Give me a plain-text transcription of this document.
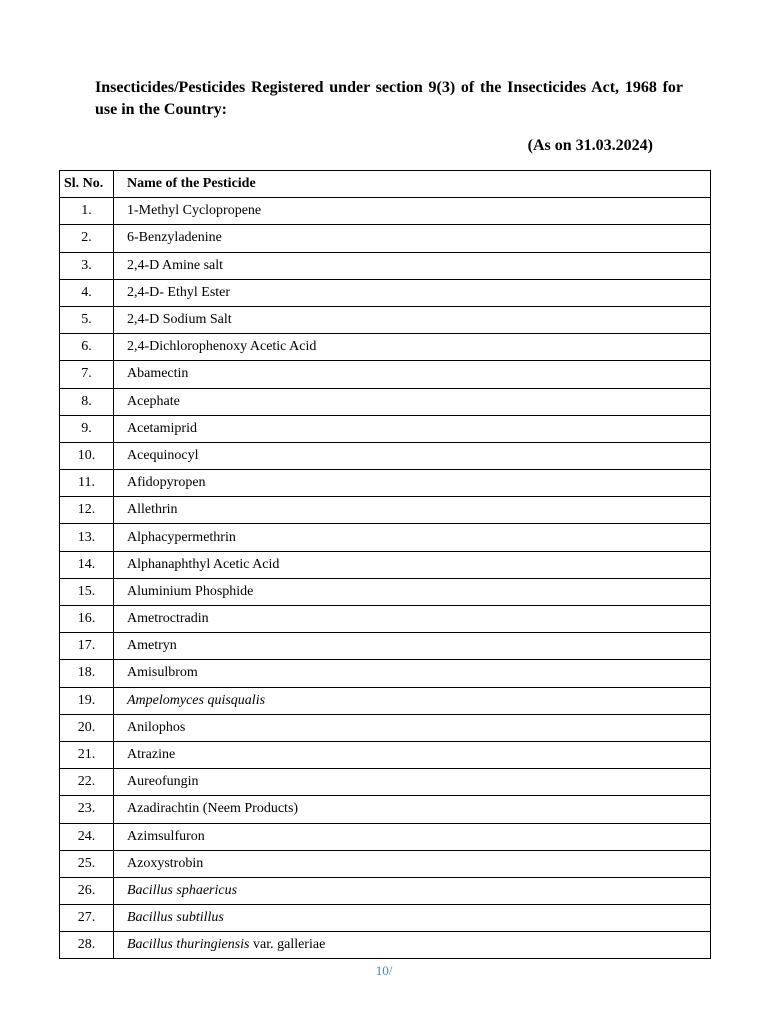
Insecticides/Pesticides Registered under section 9(3) of the Insecticides Act, 1968 for use in the Country:

(As on 31.03.2024)
Sl. No.	Name of the Pesticide
1.	1-Methyl Cyclopropene
2.	6-Benzyladenine
3.	2,4-D Amine salt
4.	2,4-D- Ethyl Ester
5.	2,4-D Sodium Salt
6.	2,4-Dichlorophenoxy Acetic Acid
7.	Abamectin
8.	Acephate
9.	Acetamiprid
10.	Acequinocyl
11.	Afidopyropen
12.	Allethrin
13.	Alphacypermethrin
14.	Alphanaphthyl Acetic Acid
15.	Aluminium Phosphide
16.	Ametroctradin
17.	Ametryn
18.	Amisulbrom
19.	Ampelomyces quisqualis
20.	Anilophos
21.	Atrazine
22.	Aureofungin
23.	Azadirachtin (Neem Products)
24.	Azimsulfuron
25.	Azoxystrobin
26.	Bacillus sphaericus
27.	Bacillus subtillus
28.	Bacillus thuringiensis var. galleriae
10/
